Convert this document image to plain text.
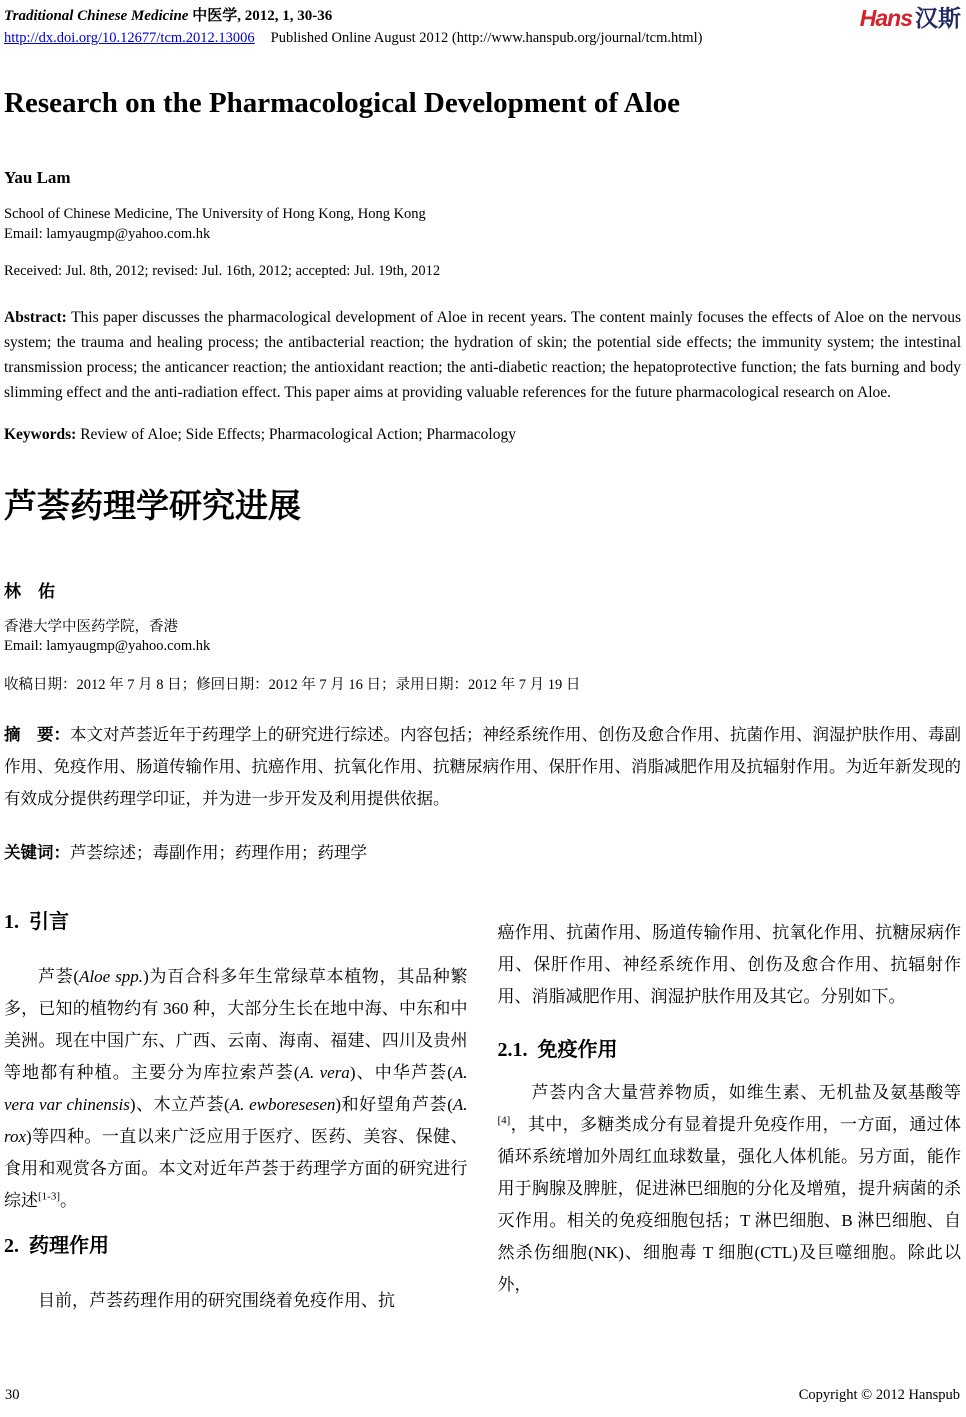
Traditional Chinese Medicine 中医学, 2012, 1, 30-36
http://dx.doi.org/10.12677/tcm.2012.13006 Published Online August 2012 (http://www.hanspub.org/journal/tcm.html)
Hans 汉斯
Research on the Pharmacological Development of Aloe
Yau Lam
School of Chinese Medicine, The University of Hong Kong, Hong Kong
Email: lamyaugmp@yahoo.com.hk
Received: Jul. 8th, 2012; revised: Jul. 16th, 2012; accepted: Jul. 19th, 2012

Abstract: This paper discusses the pharmacological development of Aloe in recent years. The content mainly focuses the effects of Aloe on the nervous system; the trauma and healing process; the antibacterial reaction; the hydration of skin; the potential side effects; the immunity system; the intestinal transmission process; the anticancer reaction; the antioxidant reaction; the anti-diabetic reaction; the hepatoprotective function; the fats burning and body slimming effect and the anti-radiation effect. This paper aims at providing valuable references for the future pharmacological research on Aloe.

Keywords: Review of Aloe; Side Effects; Pharmacological Action; Pharmacology

芦荟药理学研究进展
林　佑
香港大学中医药学院，香港
Email: lamyaugmp@yahoo.com.hk
收稿日期：2012 年 7 月 8 日；修回日期：2012 年 7 月 16 日；录用日期：2012 年 7 月 19 日

摘　要：本文对芦荟近年于药理学上的研究进行综述。内容包括；神经系统作用、创伤及愈合作用、抗菌作用、润湿护肤作用、毒副作用、免疫作用、肠道传输作用、抗癌作用、抗氧化作用、抗糖尿病作用、保肝作用、消脂减肥作用及抗辐射作用。为近年新发现的有效成分提供药理学印证，并为进一步开发及利用提供依据。

关键词：芦荟综述；毒副作用；药理作用；药理学

1. 引言

芦荟(Aloe spp.)为百合科多年生常绿草本植物，其品种繁多，已知的植物约有 360 种，大部分生长在地中海、中东和中美洲。现在中国广东、广西、云南、海南、福建、四川及贵州等地都有种植。主要分为库拉索芦荟(A. vera)、中华芦荟(A. vera var chinensis)、木立芦荟(A. ewboresesen)和好望角芦荟(A. rox)等四种。一直以来广泛应用于医疗、医药、美容、保健、食用和观赏各方面。本文对近年芦荟于药理学方面的研究进行综述[1-3]。

2. 药理作用

目前，芦荟药理作用的研究围绕着免疫作用、抗

癌作用、抗菌作用、肠道传输作用、抗氧化作用、抗糖尿病作用、保肝作用、神经系统作用、创伤及愈合作用、抗辐射作用、消脂减肥作用、润湿护肤作用及其它。分别如下。

2.1. 免疫作用

芦荟内含大量营养物质，如维生素、无机盐及氨基酸等[4]，其中，多糖类成分有显着提升免疫作用，一方面，通过体循环系统增加外周红血球数量，强化人体机能。另方面，能作用于胸腺及脾脏，促进淋巴细胞的分化及增殖，提升病菌的杀灭作用。相关的免疫细胞包括；T 淋巴细胞、B 淋巴细胞、自然杀伤细胞(NK)、细胞毒 T 细胞(CTL)及巨噬细胞。除此以外，

30	Copyright © 2012 Hanspub
